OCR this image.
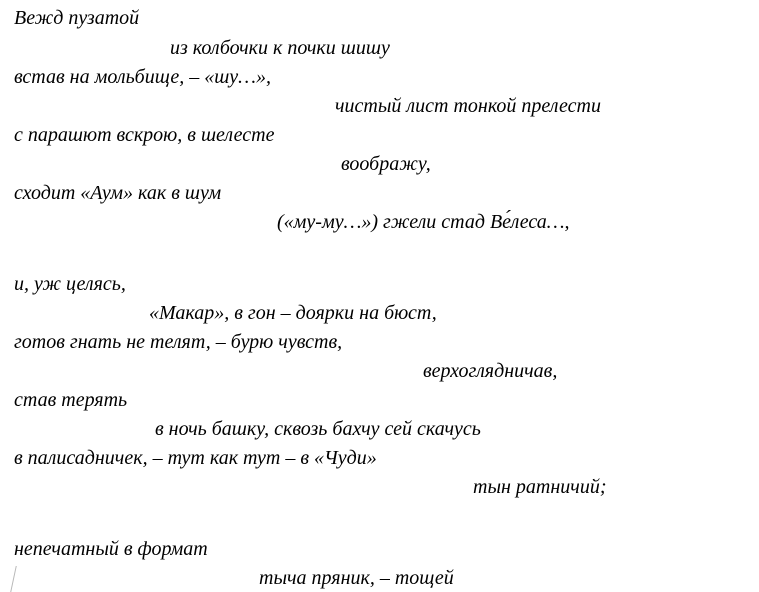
Вежд пузатой

из колбочки к почки шишу

встав на мольбище, – «шу…»,

чистый лист тонкой прелести

с парашют вскрою, в шелесте

воображу,

сходит «Аум» как в шум

(«му-му…») гжели стад Ве́леса…,

и, уж целясь,

«Макар», в гон – доярки на бюст,

готов гнать не телят, – бурю чувств,

верхоглядничав,

став терять

в ночь башку, сквозь бахчу сей скачусь

в палисадничек, – тут как тут – в «Чуди»

тын ратничий;

непечатный в формат

тыча пряник, – тощей
